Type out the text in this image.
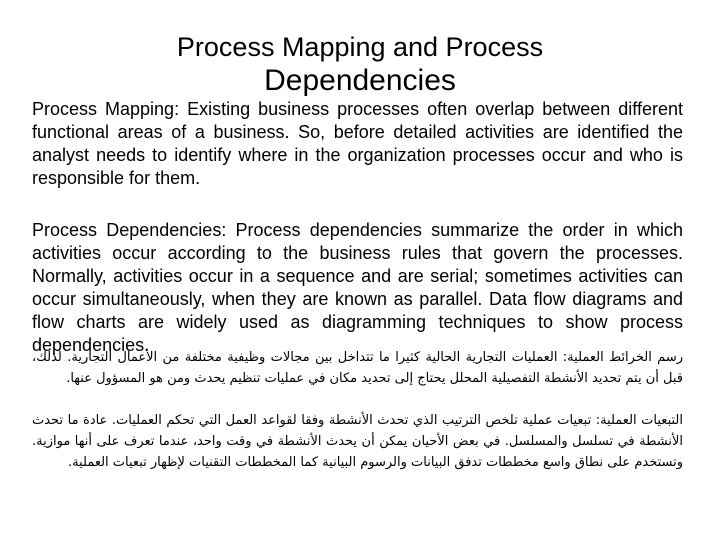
Process Mapping and Process
Dependencies
Process Mapping: Existing business processes often overlap between different functional areas of a business. So, before detailed activities are identified the analyst needs to identify where in the organization processes occur and who is responsible for them.
Process Dependencies: Process dependencies summarize the order in which activities occur according to the business rules that govern the processes. Normally, activities occur in a sequence and are serial; sometimes activities can occur simultaneously, when they are known as parallel. Data flow diagrams and flow charts are widely used as diagramming techniques to show process dependencies.
رسم الخرائط العملية: العمليات التجارية الحالية كثيرا ما تتداخل بين مجالات وظيفية مختلفة من الأعمال التجارية. لذلك، قبل أن يتم تحديد الأنشطة التفصيلية المحلل يحتاج إلى تحديد مكان في عمليات تنظيم يحدث ومن هو المسؤول عنها.
التبعيات العملية: تبعيات عملية تلخص الترتيب الذي تحدث الأنشطة وفقا لقواعد العمل التي تحكم العمليات. عادة ما تحدث الأنشطة في تسلسل والمسلسل. في بعض الأحيان يمكن أن يحدث الأنشطة في وقت واحد، عندما تعرف على أنها موازية. وتستخدم على نطاق واسع مخططات تدفق البيانات والرسوم البيانية كما المخططات التقنيات لإظهار تبعيات العملية.
